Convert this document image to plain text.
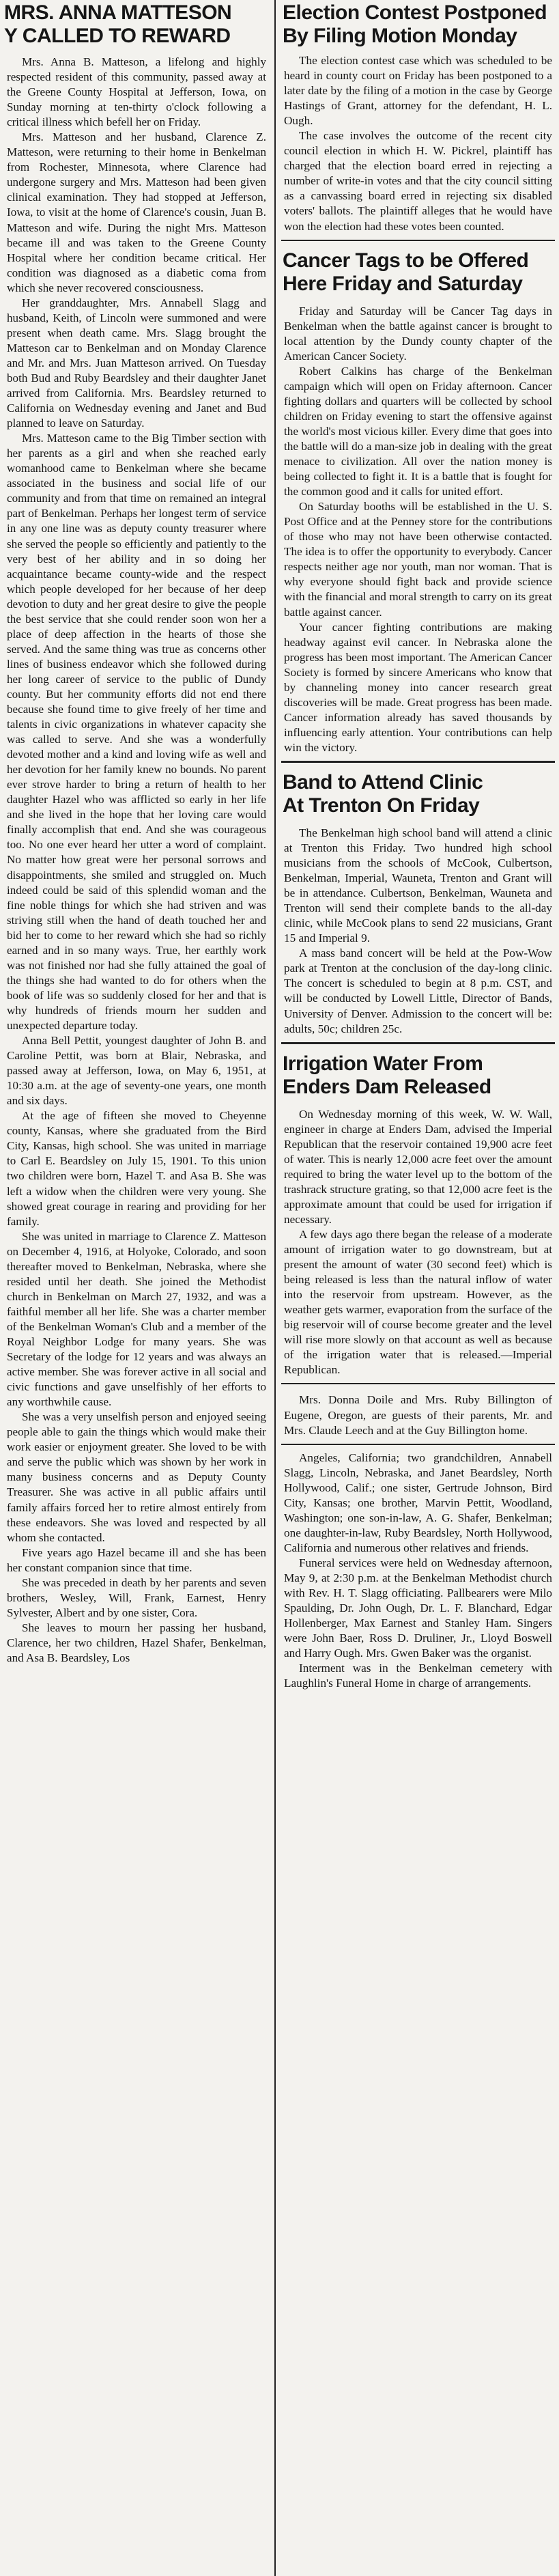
MRS. ANNA MATTESON
Y CALLED TO REWARD

Mrs. Anna B. Matteson, a lifelong and highly respected resident of this community, passed away at the Greene County Hospital at Jefferson, Iowa, on Sunday morning at ten-thirty o'clock following a critical illness which befell her on Friday.

Mrs. Matteson and her husband, Clarence Z. Matteson, were returning to their home in Benkelman from Rochester, Minnesota, where Clarence had undergone surgery and Mrs. Matteson had been given clinical examination. They had stopped at Jefferson, Iowa, to visit at the home of Clarence's cousin, Juan B. Matteson and wife. During the night Mrs. Matteson became ill and was taken to the Greene County Hospital where her condition became critical. Her condition was diagnosed as a diabetic coma from which she never recovered consciousness.

Her granddaughter, Mrs. Annabell Slagg and husband, Keith, of Lincoln were summoned and were present when death came. Mrs. Slagg brought the Matteson car to Benkelman and on Monday Clarence and Mr. and Mrs. Juan Matteson arrived. On Tuesday both Bud and Ruby Beardsley and their daughter Janet arrived from California. Mrs. Beardsley returned to California on Wednesday evening and Janet and Bud planned to leave on Saturday.

Mrs. Matteson came to the Big Timber section with her parents as a girl and when she reached early womanhood came to Benkelman where she became associated in the business and social life of our community and from that time on remained an integral part of Benkelman. Perhaps her longest term of service in any one line was as deputy county treasurer where she served the people so efficiently and patiently to the very best of her ability and in so doing her acquaintance became county-wide and the respect which people developed for her because of her deep devotion to duty and her great desire to give the people the best service that she could render soon won her a place of deep affection in the hearts of those she served. And the same thing was true as concerns other lines of business endeavor which she followed during her long career of service to the public of Dundy county. But her community efforts did not end there because she found time to give freely of her time and talents in civic organizations in whatever capacity she was called to serve. And she was a wonderfully devoted mother and a kind and loving wife as well and her devotion for her family knew no bounds. No parent ever strove harder to bring a return of health to her daughter Hazel who was afflicted so early in her life and she lived in the hope that her loving care would finally accomplish that end. And she was courageous too. No one ever heard her utter a word of complaint. No matter how great were her personal sorrows and disappointments, she smiled and struggled on. Much indeed could be said of this splendid woman and the fine noble things for which she had striven and was striving still when the hand of death touched her and bid her to come to her reward which she had so richly earned and in so many ways. True, her earthly work was not finished nor had she fully attained the goal of the things she had wanted to do for others when the book of life was so suddenly closed for her and that is why hundreds of friends mourn her sudden and unexpected departure today.

Anna Bell Pettit, youngest daughter of John B. and Caroline Pettit, was born at Blair, Nebraska, and passed away at Jefferson, Iowa, on May 6, 1951, at 10:30 a.m. at the age of seventy-one years, one month and six days.

At the age of fifteen she moved to Cheyenne county, Kansas, where she graduated from the Bird City, Kansas, high school. She was united in marriage to Carl E. Beardsley on July 15, 1901. To this union two children were born, Hazel T. and Asa B. She was left a widow when the children were very young. She showed great courage in rearing and providing for her family.

She was united in marriage to Clarence Z. Matteson on December 4, 1916, at Holyoke, Colorado, and soon thereafter moved to Benkelman, Nebraska, where she resided until her death. She joined the Methodist church in Benkelman on March 27, 1932, and was a faithful member all her life. She was a charter member of the Benkelman Woman's Club and a member of the Royal Neighbor Lodge for many years. She was Secretary of the lodge for 12 years and was always an active member. She was forever active in all social and civic functions and gave unselfishly of her efforts to any worthwhile cause.

She was a very unselfish person and enjoyed seeing people able to gain the things which would make their work easier or enjoyment greater. She loved to be with and serve the public which was shown by her work in many business concerns and as Deputy County Treasurer. She was active in all public affairs until family affairs forced her to retire almost entirely from these endeavors. She was loved and respected by all whom she contacted.

Five years ago Hazel became ill and she has been her constant companion since that time.

She was preceded in death by her parents and seven brothers, Wesley, Will, Frank, Earnest, Henry Sylvester, Albert and by one sister, Cora.

She leaves to mourn her passing her husband, Clarence, her two children, Hazel Shafer, Benkelman, and Asa B. Beardsley, Los

Election Contest Postponed
By Filing Motion Monday

The election contest case which was scheduled to be heard in county court on Friday has been postponed to a later date by the filing of a motion in the case by George Hastings of Grant, attorney for the defendant, H. L. Ough.

The case involves the outcome of the recent city council election in which H. W. Pickrel, plaintiff has charged that the election board erred in rejecting a number of write-in votes and that the city council sitting as a canvassing board erred in rejecting six disabled voters' ballots. The plaintiff alleges that he would have won the election had these votes been counted.

Cancer Tags to be Offered
Here Friday and Saturday

Friday and Saturday will be Cancer Tag days in Benkelman when the battle against cancer is brought to local attention by the Dundy county chapter of the American Cancer Society.

Robert Calkins has charge of the Benkelman campaign which will open on Friday afternoon. Cancer fighting dollars and quarters will be collected by school children on Friday evening to start the offensive against the world's most vicious killer. Every dime that goes into the battle will do a man-size job in dealing with the great menace to civilization. All over the nation money is being collected to fight it. It is a battle that is fought for the common good and it calls for united effort.

On Saturday booths will be established in the U. S. Post Office and at the Penney store for the contributions of those who may not have been otherwise contacted. The idea is to offer the opportunity to everybody. Cancer respects neither age nor youth, man nor woman. That is why everyone should fight back and provide science with the financial and moral strength to carry on its great battle against cancer.

Your cancer fighting contributions are making headway against evil cancer. In Nebraska alone the progress has been most important. The American Cancer Society is formed by sincere Americans who know that by channeling money into cancer research great discoveries will be made. Great progress has been made. Cancer information already has saved thousands by influencing early attention. Your contributions can help win the victory.

Band to Attend Clinic
At Trenton On Friday

The Benkelman high school band will attend a clinic at Trenton this Friday. Two hundred high school musicians from the schools of McCook, Culbertson, Benkelman, Imperial, Wauneta, Trenton and Grant will be in attendance. Culbertson, Benkelman, Wauneta and Trenton will send their complete bands to the all-day clinic, while McCook plans to send 22 musicians, Grant 15 and Imperial 9.

A mass band concert will be held at the Pow-Wow park at Trenton at the conclusion of the day-long clinic. The concert is scheduled to begin at 8 p.m. CST, and will be conducted by Lowell Little, Director of Bands, University of Denver. Admission to the concert will be: adults, 50c; children 25c.

Irrigation Water From
Enders Dam Released

On Wednesday morning of this week, W. W. Wall, engineer in charge at Enders Dam, advised the Imperial Republican that the reservoir contained 19,900 acre feet of water. This is nearly 12,000 acre feet over the amount required to bring the water level up to the bottom of the trashrack structure grating, so that 12,000 acre feet is the approximate amount that could be used for irrigation if necessary.

A few days ago there began the release of a moderate amount of irrigation water to go downstream, but at present the amount of water (30 second feet) which is being released is less than the natural inflow of water into the reservoir from upstream. However, as the weather gets warmer, evaporation from the surface of the big reservoir will of course become greater and the level will rise more slowly on that account as well as because of the irrigation water that is released.—Imperial Republican.

Mrs. Donna Doile and Mrs. Ruby Billington of Eugene, Oregon, are guests of their parents, Mr. and Mrs. Claude Leech and at the Guy Billington home.

Angeles, California; two grandchildren, Annabell Slagg, Lincoln, Nebraska, and Janet Beardsley, North Hollywood, Calif.; one sister, Gertrude Johnson, Bird City, Kansas; one brother, Marvin Pettit, Woodland, Washington; one son-in-law, A. G. Shafer, Benkelman; one daughter-in-law, Ruby Beardsley, North Hollywood, California and numerous other relatives and friends.

Funeral services were held on Wednesday afternoon, May 9, at 2:30 p.m. at the Benkelman Methodist church with Rev. H. T. Slagg officiating. Pallbearers were Milo Spaulding, Dr. John Ough, Dr. L. F. Blanchard, Edgar Hollenberger, Max Earnest and Stanley Ham. Singers were John Baer, Ross D. Druliner, Jr., Lloyd Boswell and Harry Ough. Mrs. Gwen Baker was the organist.

Interment was in the Benkelman cemetery with Laughlin's Funeral Home in charge of arrangements.
